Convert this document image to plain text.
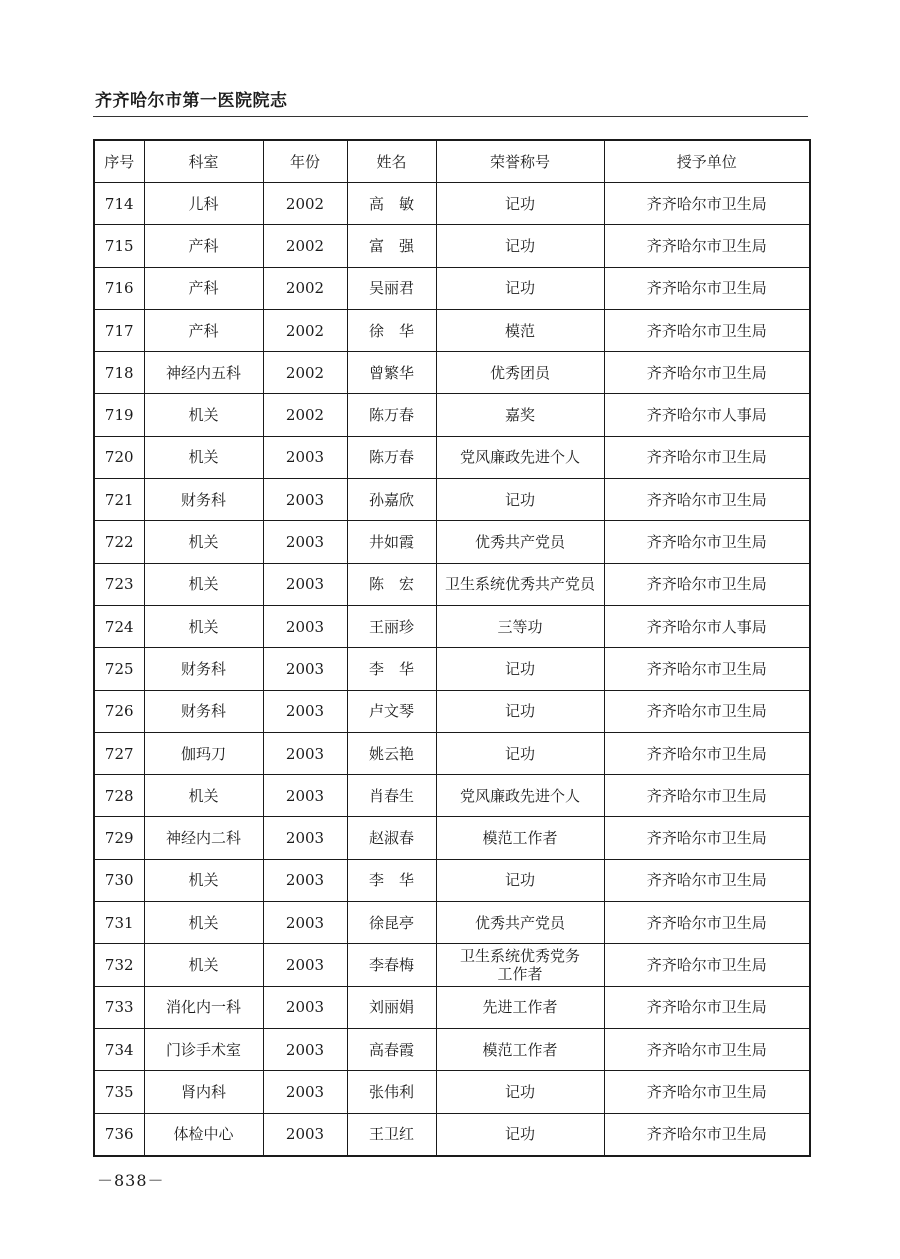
齐齐哈尔市第一医院院志
序号	科室	年份	姓名	荣誉称号	授予单位
714	儿科	2002	高　敏	记功	齐齐哈尔市卫生局
715	产科	2002	富　强	记功	齐齐哈尔市卫生局
716	产科	2002	吴丽君	记功	齐齐哈尔市卫生局
717	产科	2002	徐　华	模范	齐齐哈尔市卫生局
718	神经内五科	2002	曾繁华	优秀团员	齐齐哈尔市卫生局
719	机关	2002	陈万春	嘉奖	齐齐哈尔市人事局
720	机关	2003	陈万春	党风廉政先进个人	齐齐哈尔市卫生局
721	财务科	2003	孙嘉欣	记功	齐齐哈尔市卫生局
722	机关	2003	井如霞	优秀共产党员	齐齐哈尔市卫生局
723	机关	2003	陈　宏	卫生系统优秀共产党员	齐齐哈尔市卫生局
724	机关	2003	王丽珍	三等功	齐齐哈尔市人事局
725	财务科	2003	李　华	记功	齐齐哈尔市卫生局
726	财务科	2003	卢文琴	记功	齐齐哈尔市卫生局
727	伽玛刀	2003	姚云艳	记功	齐齐哈尔市卫生局
728	机关	2003	肖春生	党风廉政先进个人	齐齐哈尔市卫生局
729	神经内二科	2003	赵淑春	模范工作者	齐齐哈尔市卫生局
730	机关	2003	李　华	记功	齐齐哈尔市卫生局
731	机关	2003	徐昆亭	优秀共产党员	齐齐哈尔市卫生局
732	机关	2003	李春梅	卫生系统优秀党务
工作者	齐齐哈尔市卫生局
733	消化内一科	2003	刘丽娟	先进工作者	齐齐哈尔市卫生局
734	门诊手术室	2003	高春霞	模范工作者	齐齐哈尔市卫生局
735	肾内科	2003	张伟利	记功	齐齐哈尔市卫生局
736	体检中心	2003	王卫红	记功	齐齐哈尔市卫生局
－838－
